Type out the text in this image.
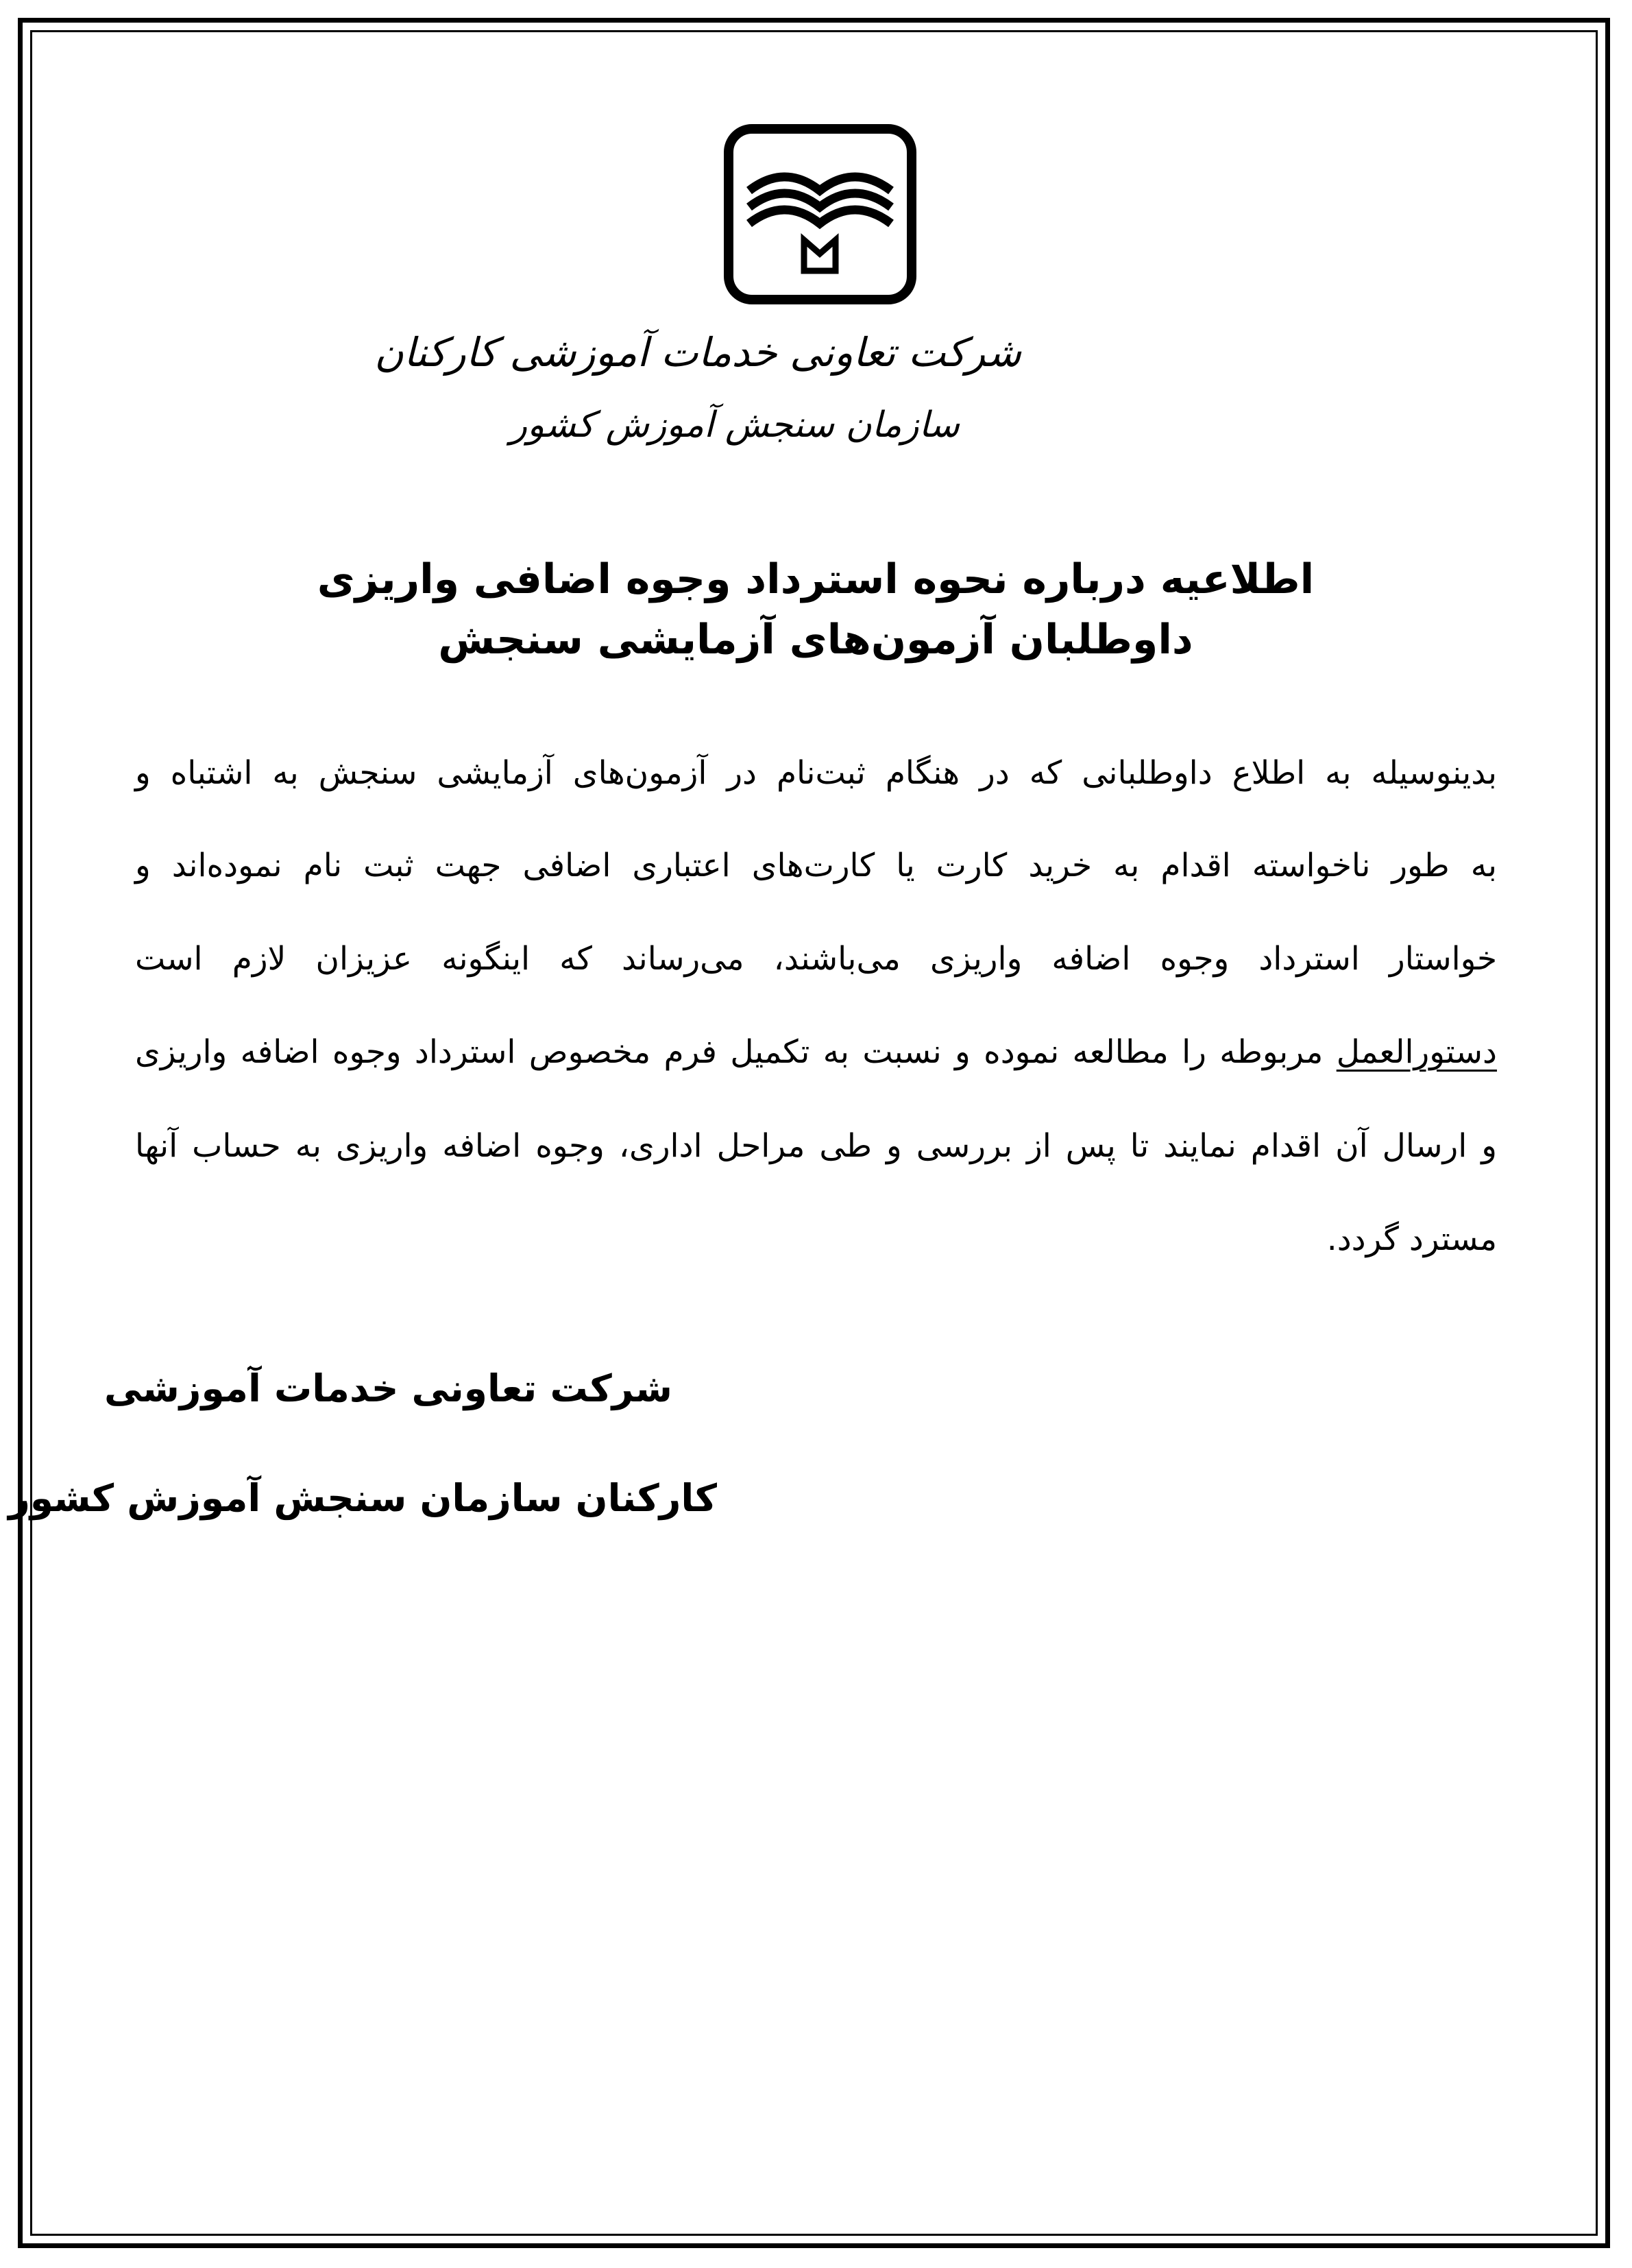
شرکت تعاونی خدمات آموزشی کارکنان
سازمان سنجش آموزش کشور
اطلاعیه درباره نحوه استرداد وجوه اضافی واریزی
داوطلبان آزمون‌های آزمایشی سنجش
بدینوسیله به اطلاع داوطلبانی که در هنگام ثبت‌نام در آزمون‌های آزمایشی سنجش به اشتباه و
به طور ناخواسته اقدام به خرید کارت یا کارت‌های اعتباری اضافی جهت ثبت نام نموده‌اند و
خواستار استرداد وجوه اضافه واریزی می‌باشند، می‌رساند که اینگونه عزیزان لازم است
دستورالعمل مربوطه را مطالعه نموده و نسبت به تکمیل فرم مخصوص استرداد وجوه اضافه واریزی
و ارسال آن اقدام نمایند تا پس از بررسی و طی مراحل اداری، وجوه اضافه واریزی به حساب آنها
مسترد گردد.
شرکت تعاونی خدمات آموزشی
کارکنان سازمان سنجش آموزش کشور
